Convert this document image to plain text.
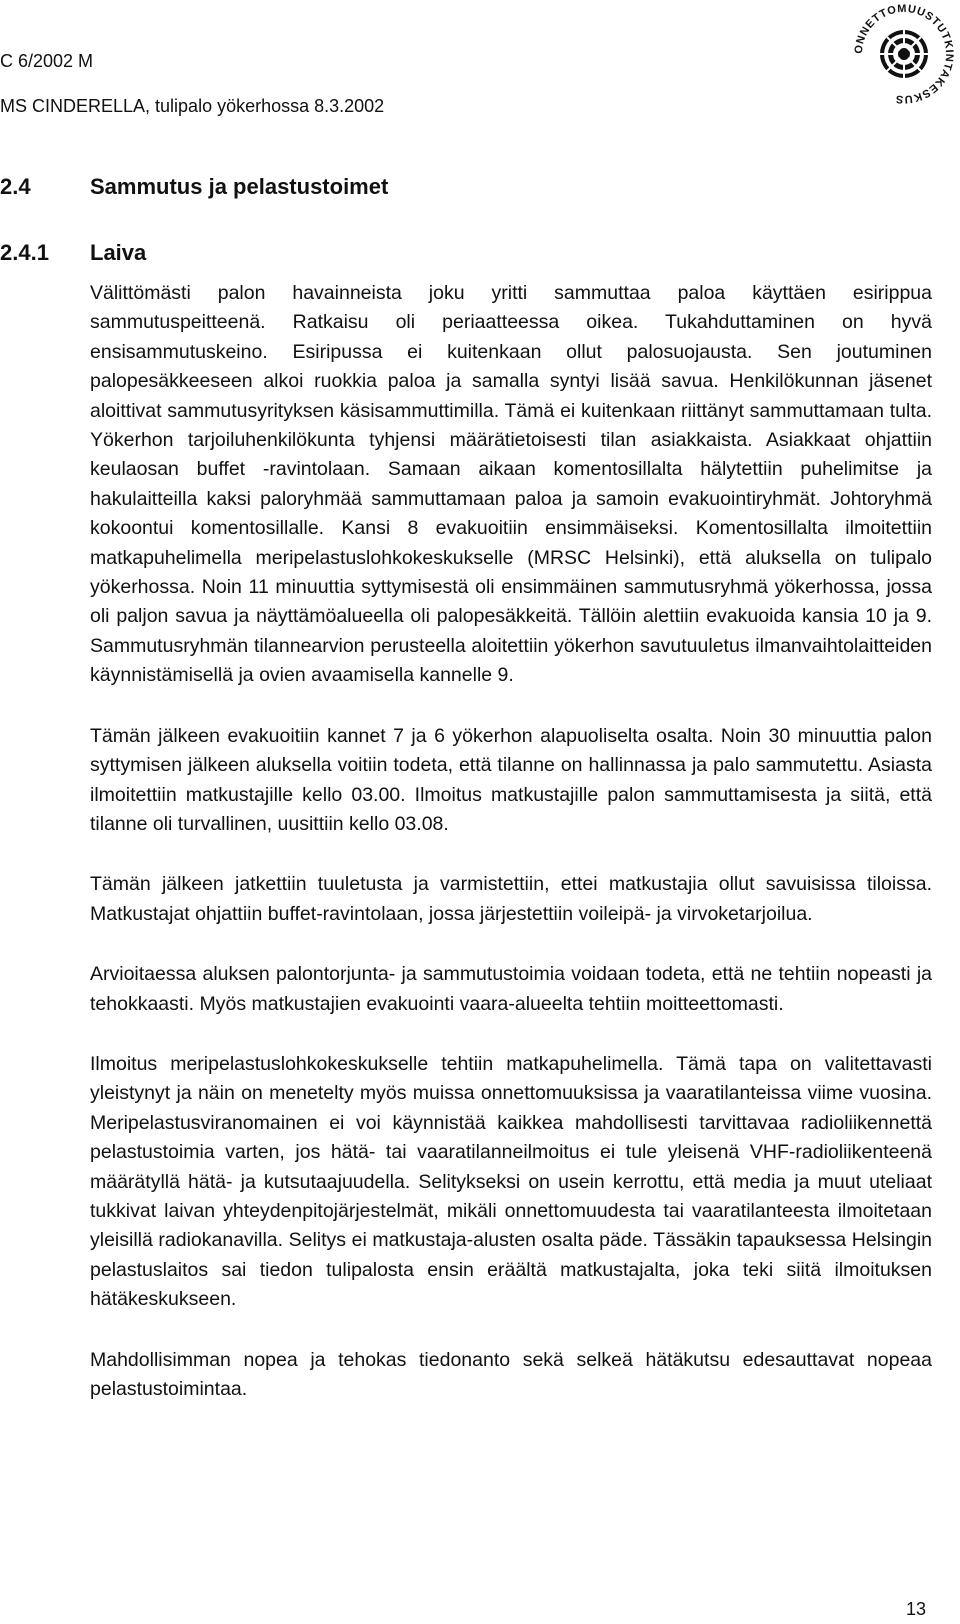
C 6/2002 M
MS CINDERELLA, tulipalo yökerhossa 8.3.2002
ONNETTOMUUSTUTKINTAKESKUS
2.4	Sammutus ja pelastustoimet
2.4.1 Laiva

Välittömästi palon havainneista joku yritti sammuttaa paloa käyttäen esirippua sammutuspeitteenä. Ratkaisu oli periaatteessa oikea. Tukahduttaminen on hyvä ensisammutuskeino. Esiripussa ei kuitenkaan ollut palosuojausta. Sen joutuminen palopesäkkeeseen alkoi ruokkia paloa ja samalla syntyi lisää savua. Henkilökunnan jäsenet aloittivat sammutusyrityksen käsisammuttimilla. Tämä ei kuitenkaan riittänyt sammuttamaan tulta. Yökerhon tarjoiluhenkilökunta tyhjensi määrätietoisesti tilan asiakkaista. Asiakkaat ohjattiin keulaosan buffet -ravintolaan. Samaan aikaan komentosillalta hälytettiin puhelimitse ja hakulaitteilla kaksi paloryhmää sammuttamaan paloa ja samoin evakuointiryhmät. Johtoryhmä kokoontui komentosillalle. Kansi 8 evakuoitiin ensimmäiseksi. Komentosillalta ilmoitettiin matkapuhelimella meripelastuslohkokeskukselle (MRSC Helsinki), että aluksella on tulipalo yökerhossa. Noin 11 minuuttia syttymisestä oli ensimmäinen sammutusryhmä yökerhossa, jossa oli paljon savua ja näyttämöalueella oli palopesäkkeitä. Tällöin alettiin evakuoida kansia 10 ja 9. Sammutusryhmän tilannearvion perusteella aloitettiin yökerhon savutuuletus ilmanvaihtolaitteiden käynnistämisellä ja ovien avaamisella kannelle 9.

Tämän jälkeen evakuoitiin kannet 7 ja 6 yökerhon alapuoliselta osalta. Noin 30 minuuttia palon syttymisen jälkeen aluksella voitiin todeta, että tilanne on hallinnassa ja palo sammutettu. Asiasta ilmoitettiin matkustajille kello 03.00. Ilmoitus matkustajille palon sammuttamisesta ja siitä, että tilanne oli turvallinen, uusittiin kello 03.08.

Tämän jälkeen jatkettiin tuuletusta ja varmistettiin, ettei matkustajia ollut savuisissa tiloissa. Matkustajat ohjattiin buffet-ravintolaan, jossa järjestettiin voileipä- ja virvoketarjoilua.

Arvioitaessa aluksen palontorjunta- ja sammutustoimia voidaan todeta, että ne tehtiin nopeasti ja tehokkaasti. Myös matkustajien evakuointi vaara-alueelta tehtiin moitteettomasti.

Ilmoitus meripelastuslohkokeskukselle tehtiin matkapuhelimella. Tämä tapa on valitettavasti yleistynyt ja näin on menetelty myös muissa onnettomuuksissa ja vaaratilanteissa viime vuosina. Meripelastusviranomainen ei voi käynnistää kaikkea mahdollisesti tarvittavaa radioliikennettä pelastustoimia varten, jos hätä- tai vaaratilanneilmoitus ei tule yleisenä VHF-radioliikenteenä määrätyllä hätä- ja kutsutaajuudella. Selitykseksi on usein kerrottu, että media ja muut uteliaat tukkivat laivan yhteydenpitojärjestelmät, mikäli onnettomuudesta tai vaaratilanteesta ilmoitetaan yleisillä radiokanavilla. Selitys ei matkustaja-alusten osalta päde. Tässäkin tapauksessa Helsingin pelastuslaitos sai tiedon tulipalosta ensin eräältä matkustajalta, joka teki siitä ilmoituksen hätäkeskukseen.

Mahdollisimman nopea ja tehokas tiedonanto sekä selkeä hätäkutsu edesauttavat nopeaa pelastustoimintaa.

13
